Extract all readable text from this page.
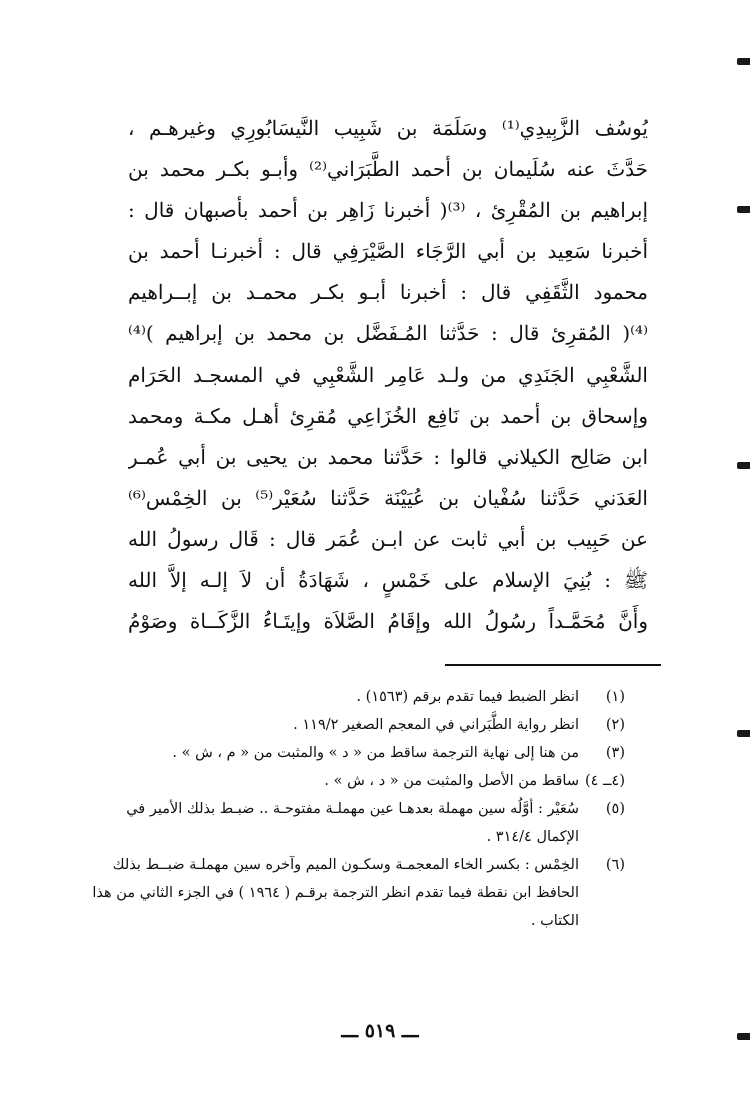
يُوسُف الزَّبِيدِي⁽¹⁾ وسَلَمَة بن شَبِيب النَّيسَابُورِي وغيرهـم ،
حَدَّثَ عنه سُلَيمان بن أحمد الطَّبَرَاني⁽²⁾ وأبـو بكـر محمد بن
إبراهيم بن المُقْرِئ ، ⁽³⁾( أخبرنا زَاهِر بن أحمد بأصبهان قال :
أخبرنا سَعِيد بن أبي الرَّجَاء الصَّيْرَفِي قال : أخبرنـا أحمد بن
محمود الثَّقَفِي قال : أخبرنا أبـو بكـر محمـد بن إبــراهيم
⁽⁴⁾( المُقرِئ قال : حَدَّثنا المُـفَضَّل بن محمد بن إبراهيم )⁽⁴⁾
الشَّعْبِي الجَنَدِي من ولـد عَامِر الشَّعْبِي في المسجـد الحَرَام
وإسحاق بن أحمد بن نَافِع الخُزَاعِي مُقرِئ أهـل مكـة ومحمد
ابن صَالِح الكيلاني قالوا : حَدَّثنا محمد بن يحيى بن أبي عُمـر
العَدَني حَدَّثنا سُفْيان بن عُيَيْنَة حَدَّثنا سُعَيْر⁽⁵⁾ بن الخِمْس⁽⁶⁾
عن حَبِيب بن أبي ثابت عن ابـن عُمَر قال : قَال رسولُ الله
ﷺ : بُنِيَ الإسلام على خَمْسٍ ، شَهَادَةُ أن لاَ إلـه إلاَّ الله
وأَنَّ مُحَمَّـداً رسُولُ الله وإقَامُ الصَّلاَة وإيتَـاءُ الزَّكَــاة وصَوْمُ
(١)
انظر الضبط فيما تقدم برقم (١٥٦٣) .
(٢)
انظر رواية الطَّبَراني في المعجم الصغير ١١٩/٢ .
(٣)
من هنا إلى نهاية الترجمة ساقط من « د » والمثبت من « م ، ش » .
(٤ــ ٤)
ساقط من الأصل والمثبت من « د ، ش » .
(٥)
سُعَيْر : أوَّلُه سين مهملة بعدهـا عين مهملـة مفتوحـة .. ضبـط بذلك الأمير في
الإكمال ٣١٤/٤ .
(٦)
الخِمْس : بكسر الخاء المعجمـة وسكـون الميم وآخره سين مهملـة ضبــط بذلك
الحافظ ابن نقطة فيما تقدم انظر الترجمة برقـم ( ١٩٦٤ ) في الجزء الثاني من هذا
الكتاب .
ـــ ٥١٩ ـــ
